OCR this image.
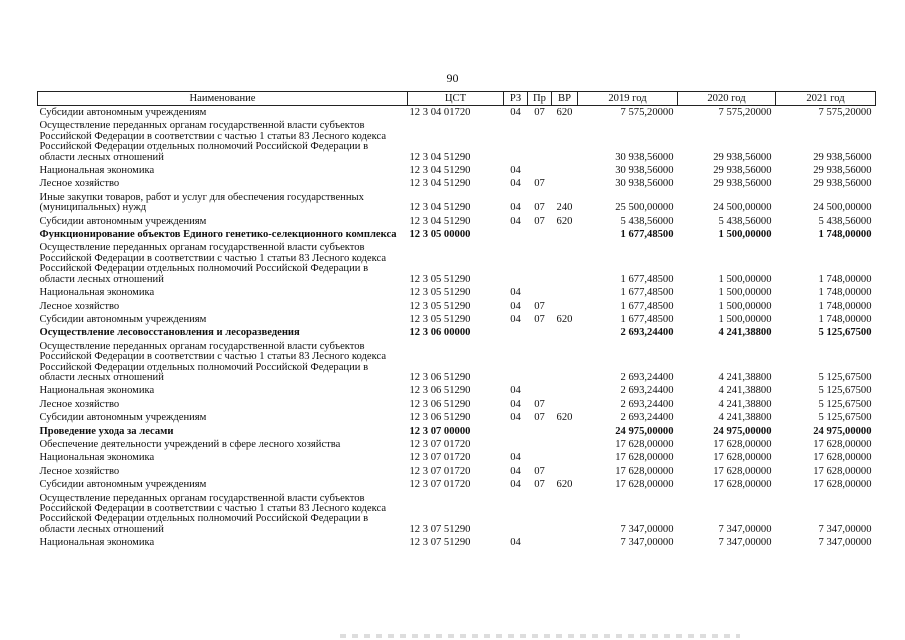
90
Наименование	ЦСТ	РЗ	Пр	ВР	2019 год	2020 год	2021 год
Субсидии автономным учреждениям	12 3 04 01720	04	07	620	7 575,20000	7 575,20000	7 575,20000
Осуществление переданных органам государственной власти субъектов Российской Федерации в соответствии с частью 1 статьи 83 Лесного кодекса Российской Федерации отдельных полномочий Российской Федерации в области лесных отношений	12 3 04 51290				30 938,56000	29 938,56000	29 938,56000
Национальная экономика	12 3 04 51290	04			30 938,56000	29 938,56000	29 938,56000
Лесное хозяйство	12 3 04 51290	04	07		30 938,56000	29 938,56000	29 938,56000
Иные закупки товаров, работ и услуг для обеспечения государственных (муниципальных) нужд	12 3 04 51290	04	07	240	25 500,00000	24 500,00000	24 500,00000
Субсидии автономным учреждениям	12 3 04 51290	04	07	620	5 438,56000	5 438,56000	5 438,56000
Функционирование объектов Единого генетико-селекционного комплекса	12 3 05 00000				1 677,48500	1 500,00000	1 748,00000
Осуществление переданных органам государственной власти субъектов Российской Федерации в соответствии с частью 1 статьи 83 Лесного кодекса Российской Федерации отдельных полномочий Российской Федерации в области лесных отношений	12 3 05 51290				1 677,48500	1 500,00000	1 748,00000
Национальная экономика	12 3 05 51290	04			1 677,48500	1 500,00000	1 748,00000
Лесное хозяйство	12 3 05 51290	04	07		1 677,48500	1 500,00000	1 748,00000
Субсидии автономным учреждениям	12 3 05 51290	04	07	620	1 677,48500	1 500,00000	1 748,00000
Осуществление лесовосстановления и лесоразведения	12 3 06 00000				2 693,24400	4 241,38800	5 125,67500
Осуществление переданных органам государственной власти субъектов Российской Федерации в соответствии с частью 1 статьи 83 Лесного кодекса Российской Федерации отдельных полномочий Российской Федерации в области лесных отношений	12 3 06 51290				2 693,24400	4 241,38800	5 125,67500
Национальная экономика	12 3 06 51290	04			2 693,24400	4 241,38800	5 125,67500
Лесное хозяйство	12 3 06 51290	04	07		2 693,24400	4 241,38800	5 125,67500
Субсидии автономным учреждениям	12 3 06 51290	04	07	620	2 693,24400	4 241,38800	5 125,67500
Проведение ухода за лесами	12 3 07 00000				24 975,00000	24 975,00000	24 975,00000
Обеспечение деятельности учреждений в сфере лесного хозяйства	12 3 07 01720				17 628,00000	17 628,00000	17 628,00000
Национальная экономика	12 3 07 01720	04			17 628,00000	17 628,00000	17 628,00000
Лесное хозяйство	12 3 07 01720	04	07		17 628,00000	17 628,00000	17 628,00000
Субсидии автономным учреждениям	12 3 07 01720	04	07	620	17 628,00000	17 628,00000	17 628,00000
Осуществление переданных органам государственной власти субъектов Российской Федерации в соответствии с частью 1 статьи 83 Лесного кодекса Российской Федерации отдельных полномочий Российской Федерации в области лесных отношений	12 3 07 51290				7 347,00000	7 347,00000	7 347,00000
Национальная экономика	12 3 07 51290	04			7 347,00000	7 347,00000	7 347,00000
